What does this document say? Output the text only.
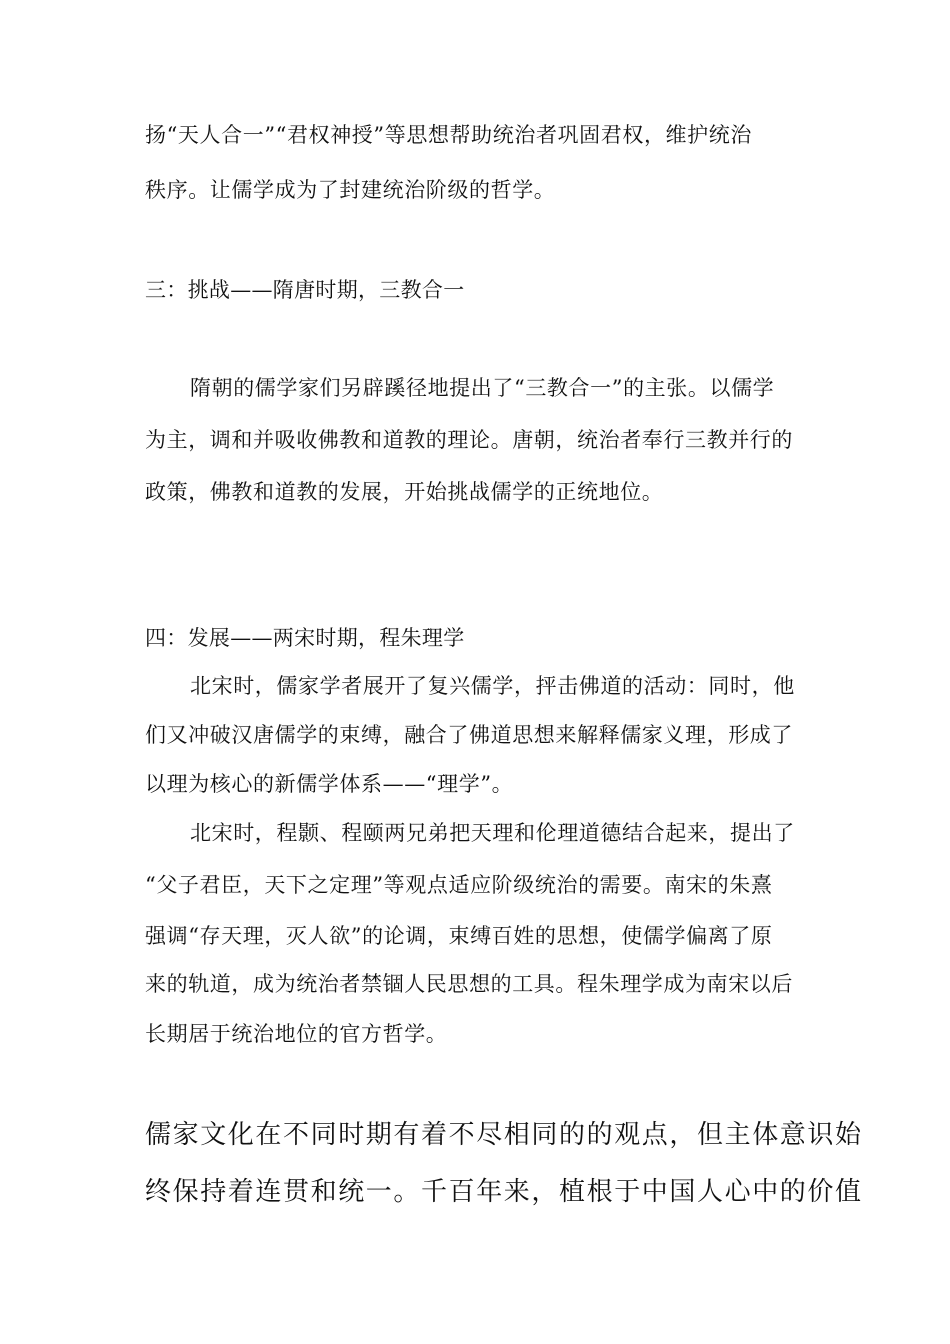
扬“天人合一”“君权神授”等思想帮助统治者巩固君权，维护统治
秩序。让儒学成为了封建统治阶级的哲学。
三：挑战——隋唐时期，三教合一
隋朝的儒学家们另辟蹊径地提出了“三教合一”的主张。以儒学
为主，调和并吸收佛教和道教的理论。唐朝，统治者奉行三教并行的
政策，佛教和道教的发展，开始挑战儒学的正统地位。
四：发展——两宋时期，程朱理学
北宋时，儒家学者展开了复兴儒学，抨击佛道的活动：同时，他
们又冲破汉唐儒学的束缚，融合了佛道思想来解释儒家义理，形成了
以理为核心的新儒学体系——“理学”。
北宋时，程颢、程颐两兄弟把天理和伦理道德结合起来，提出了
“父子君臣，天下之定理”等观点适应阶级统治的需要。南宋的朱熹
强调“存天理，灭人欲”的论调，束缚百姓的思想，使儒学偏离了原
来的轨道，成为统治者禁锢人民思想的工具。程朱理学成为南宋以后
长期居于统治地位的官方哲学。
儒家文化在不同时期有着不尽相同的的观点，但主体意识始
终保持着连贯和统一。千百年来，植根于中国人心中的价值
